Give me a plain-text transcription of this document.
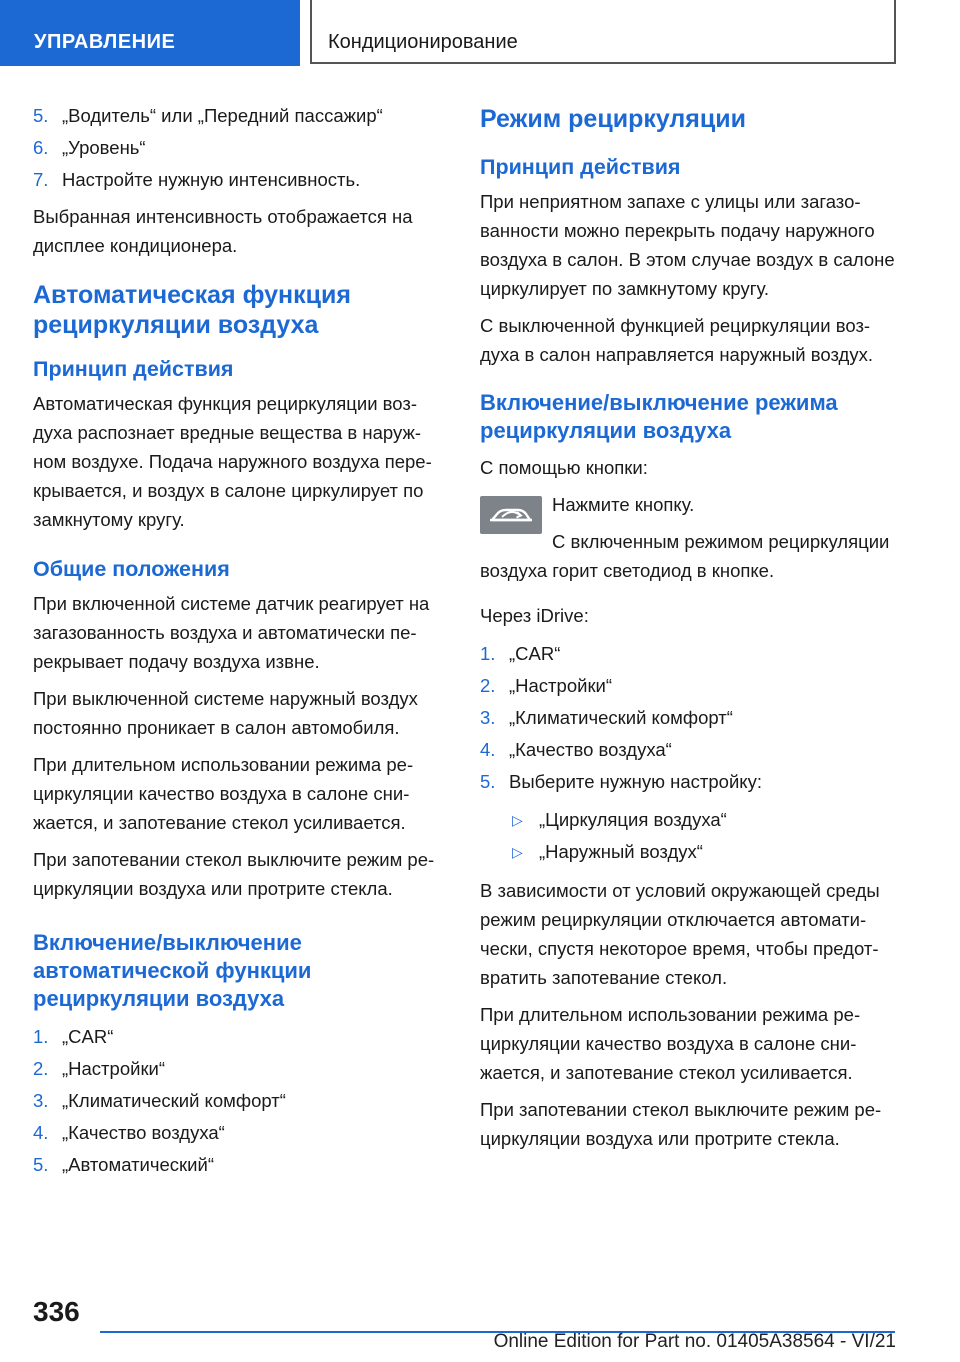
УПРАВЛЕНИЕ	Кондиционирование
5. „Водитель“ или „Передний пассажир“
6. „Уровень“
7. Настройте нужную интенсивность.

Выбранная интенсивность отображается на дисплее кондиционера.

Автоматическая функция рециркуляции воздуха
Принцип действия

Автоматическая функция рециркуляции воздуха распознает вредные вещества в наружном воздухе. Подача наружного воздуха перекрывается, и воздух в салоне циркулирует по замкнутому кругу.

Общие положения

При включенной системе датчик реагирует на загазованность воздуха и автоматически перекрывает подачу воздуха извне.

При выключенной системе наружный воздух постоянно проникает в салон автомобиля.

При длительном использовании режима рециркуляции качество воздуха в салоне снижается, и запотевание стекол усиливается.

При запотевании стекол выключите режим рециркуляции воздуха или протрите стекла.

Включение/выключение автоматической функции рециркуляции воздуха
1. „CAR“
2. „Настройки“
3. „Климатический комфорт“
4. „Качество воздуха“
5. „Автоматический“
Режим рециркуляции
Принцип действия

При неприятном запахе с улицы или загазованности можно перекрыть подачу наружного воздуха в салон. В этом случае воздух в салоне циркулирует по замкнутому кругу.

С выключенной функцией рециркуляции воздуха в салон направляется наружный воздух.

Включение/выключение режима рециркуляции воздуха

С помощью кнопки:

Нажмите кнопку.

С включенным режимом рециркуляции воздуха горит светодиод в кнопке.

Через iDrive:

1. „CAR“
2. „Настройки“
3. „Климатический комфорт“
4. „Качество воздуха“
5. Выберите нужную настройку:
▷ „Циркуляция воздуха“
▷ „Наружный воздух“

В зависимости от условий окружающей среды режим рециркуляции отключается автоматически, спустя некоторое время, чтобы предотвратить запотевание стекол.

При длительном использовании режима рециркуляции качество воздуха в салоне снижается, и запотевание стекол усиливается.

При запотевании стекол выключите режим рециркуляции воздуха или протрите стекла.

336
Online Edition for Part no. 01405A38564 - VI/21
